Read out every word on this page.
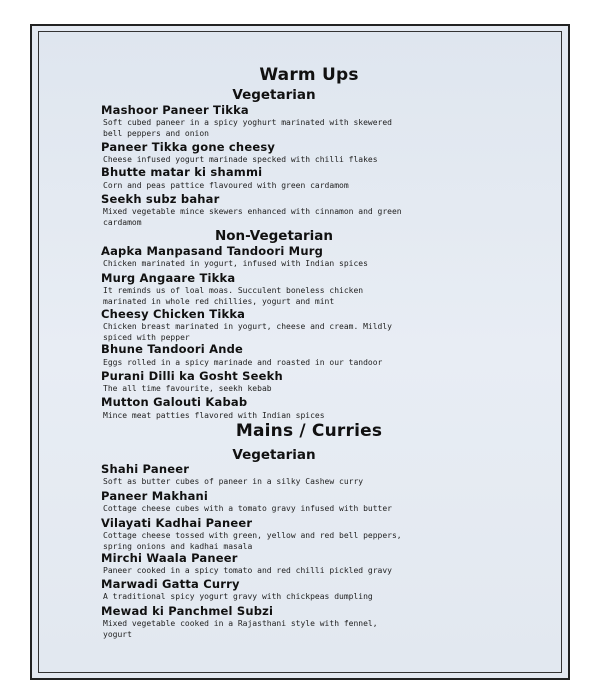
Warm Ups
Vegetarian
Mashoor Paneer Tikka
Soft cubed paneer in a spicy yoghurt marinated with skewered bell peppers and onion
Paneer Tikka gone cheesy
Cheese infused yogurt marinade specked with chilli flakes
Bhutte matar ki shammi
Corn and peas pattice flavoured with green cardamom
Seekh subz bahar
Mixed vegetable mince skewers enhanced with cinnamon and green cardamom
Non-Vegetarian
Aapka Manpasand Tandoori Murg
Chicken marinated in yogurt, infused with Indian spices
Murg Angaare Tikka
It reminds us of loal moas. Succulent boneless chicken marinated in whole red chillies, yogurt and mint
Cheesy Chicken Tikka
Chicken breast marinated in yogurt, cheese and cream. Mildly spiced with pepper
Bhune Tandoori Ande
Eggs rolled in a spicy marinade and roasted in our tandoor
Purani Dilli ka Gosht Seekh
The all time favourite, seekh kebab
Mutton Galouti Kabab
Mince meat patties flavored with Indian spices
Mains / Curries
Vegetarian
Shahi Paneer
Soft as butter cubes of paneer in a silky Cashew curry
Paneer Makhani
Cottage cheese cubes with a tomato gravy infused with butter
Vilayati Kadhai Paneer
Cottage cheese tossed with green, yellow and red bell peppers, spring onions and kadhai masala
Mirchi Waala Paneer
Paneer cooked in a spicy tomato and red chilli pickled gravy
Marwadi Gatta Curry
A traditional spicy yogurt gravy with chickpeas dumpling
Mewad ki Panchmel Subzi
Mixed vegetable cooked in a Rajasthani style with fennel, yogurt
